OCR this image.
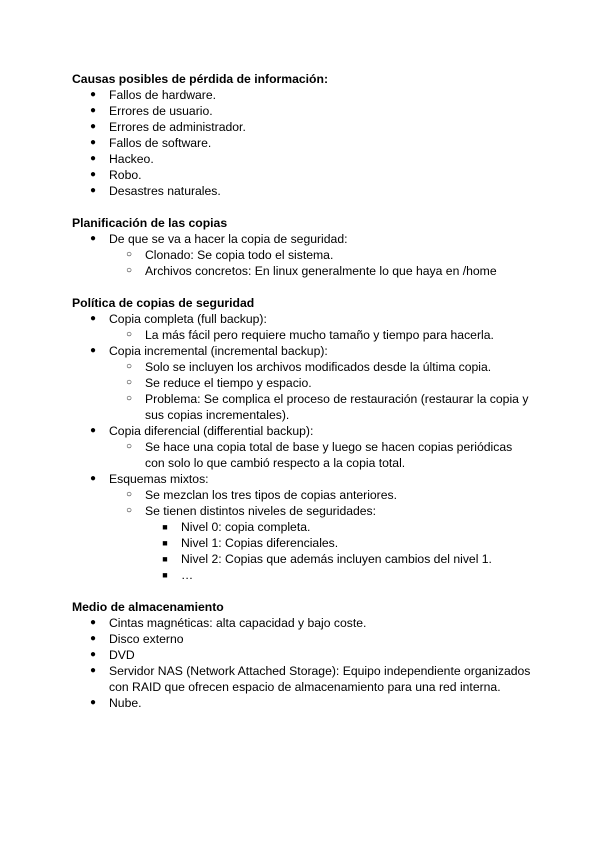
Causas posibles de pérdida de información:
● Fallos de hardware.
● Errores de usuario.
● Errores de administrador.
● Fallos de software.
● Hackeo.
● Robo.
● Desastres naturales.
Planificación de las copias
● De que se va a hacer la copia de seguridad:
○ Clonado: Se copia todo el sistema.
○ Archivos concretos: En linux generalmente lo que haya en /home
Política de copias de seguridad
● Copia completa (full backup):
○ La más fácil pero requiere mucho tamaño y tiempo para hacerla.
● Copia incremental (incremental backup):
○ Solo se incluyen los archivos modificados desde la última copia.
○ Se reduce el tiempo y espacio.
○ Problema: Se complica el proceso de restauración (restaurar la copia y sus copias incrementales).
● Copia diferencial (differential backup):
○ Se hace una copia total de base y luego se hacen copias periódicas con solo lo que cambió respecto a la copia total.
● Esquemas mixtos:
○ Se mezclan los tres tipos de copias anteriores.
○ Se tienen distintos niveles de seguridades:
■ Nivel 0: copia completa.
■ Nivel 1: Copias diferenciales.
■ Nivel 2: Copias que además incluyen cambios del nivel 1.
■ …
Medio de almacenamiento
● Cintas magnéticas: alta capacidad y bajo coste.
● Disco externo
● DVD
● Servidor NAS (Network Attached Storage): Equipo independiente organizados con RAID que ofrecen espacio de almacenamiento para una red interna.
● Nube.
